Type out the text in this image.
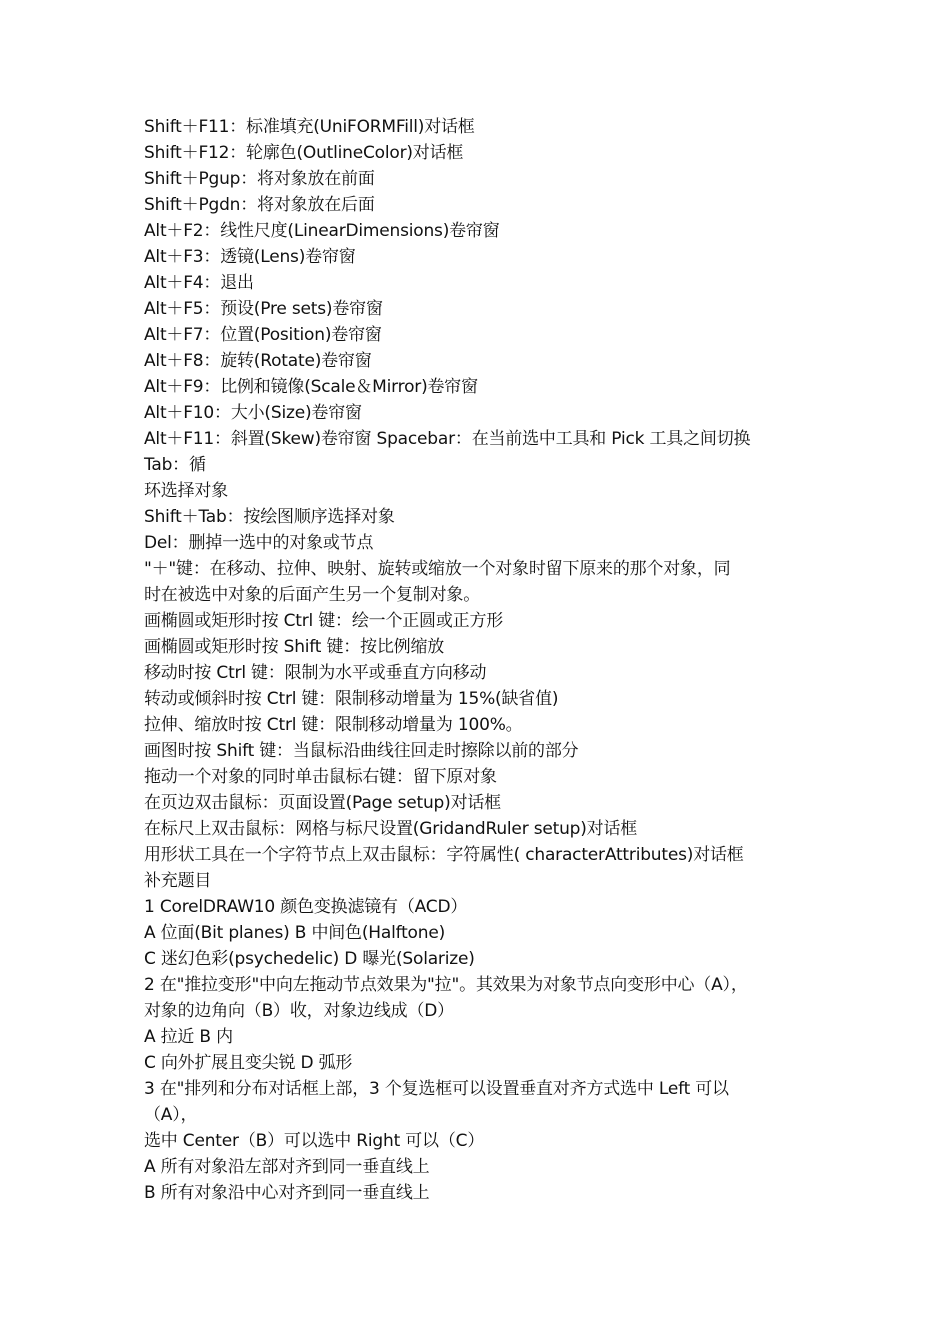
Shift＋F11：标准填充(UniFORMFill)对话框
Shift＋F12：轮廓色(OutlineColor)对话框
Shift＋Pgup：将对象放在前面
Shift＋Pgdn：将对象放在后面
Alt＋F2：线性尺度(LinearDimensions)卷帘窗
Alt＋F3：透镜(Lens)卷帘窗
Alt＋F4：退出
Alt＋F5：预设(Pre sets)卷帘窗
Alt＋F7：位置(Position)卷帘窗
Alt＋F8：旋转(Rotate)卷帘窗
Alt＋F9：比例和镜像(Scale＆Mirror)卷帘窗
Alt＋F10：大小(Size)卷帘窗
Alt＋F11：斜置(Skew)卷帘窗 Spacebar：在当前选中工具和 Pick 工具之间切换
Tab：循
环选择对象
Shift＋Tab：按绘图顺序选择对象
Del：删掉一选中的对象或节点
"＋"键：在移动、拉伸、映射、旋转或缩放一个对象时留下原来的那个对象，同
时在被选中对象的后面产生另一个复制对象。
画椭圆或矩形时按 Ctrl 键：绘一个正圆或正方形
画椭圆或矩形时按 Shift 键：按比例缩放
移动时按 Ctrl 键：限制为水平或垂直方向移动
转动或倾斜时按 Ctrl 键：限制移动增量为 15%(缺省值)
拉伸、缩放时按 Ctrl 键：限制移动增量为 100%。
画图时按 Shift 键：当鼠标沿曲线往回走时擦除以前的部分
拖动一个对象的同时单击鼠标右键：留下原对象
在页边双击鼠标：页面设置(Page setup)对话框
在标尺上双击鼠标：网格与标尺设置(GridandRuler setup)对话框
用形状工具在一个字符节点上双击鼠标：字符属性( characterAttributes)对话框
补充题目
1 CorelDRAW10 颜色变换滤镜有（ACD）
A 位面(Bit planes) B 中间色(Halftone)
C 迷幻色彩(psychedelic) D 曝光(Solarize)
2 在"推拉变形"中向左拖动节点效果为"拉"。其效果为对象节点向变形中心（A），
对象的边角向（B）收，对象边线成（D）
A 拉近 B 内
C 向外扩展且变尖锐 D 弧形
3 在"排列和分布对话框上部，3 个复选框可以设置垂直对齐方式选中 Left 可以
（A），
选中 Center（B）可以选中 Right 可以（C）
A 所有对象沿左部对齐到同一垂直线上
B 所有对象沿中心对齐到同一垂直线上
